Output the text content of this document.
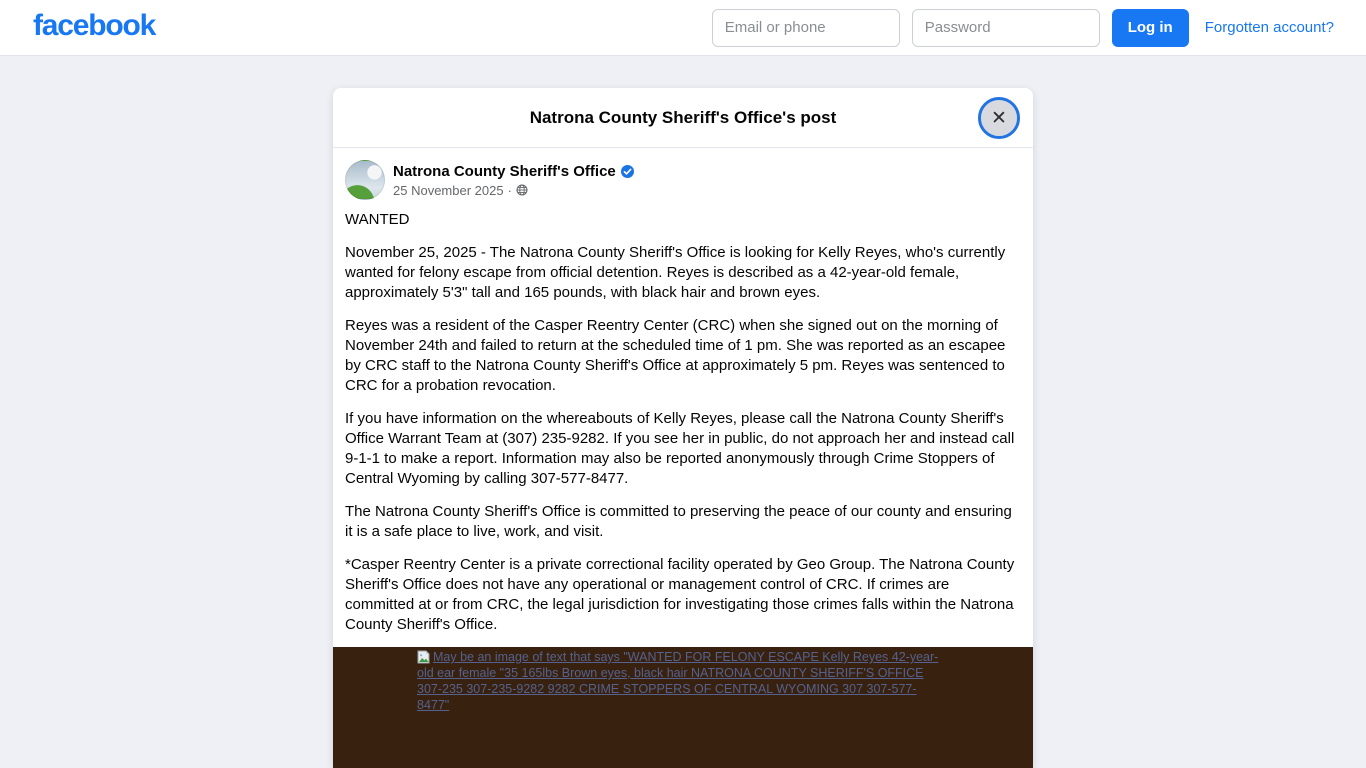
facebook
Email or phone	Log in	Forgotten account?
Natrona County Sheriff's Office's post	✕
Natrona County Sheriff's Office
25 November 2025 ·

WANTED

November 25, 2025 - The Natrona County Sheriff's Office is looking for Kelly Reyes, who's currently wanted for felony escape from official detention. Reyes is described as a 42-year-old female, approximately 5'3" tall and 165 pounds, with black hair and brown eyes.

Reyes was a resident of the Casper Reentry Center (CRC) when she signed out on the morning of November 24th and failed to return at the scheduled time of 1 pm. She was reported as an escapee by CRC staff to the Natrona County Sheriff's Office at approximately 5 pm. Reyes was sentenced to CRC for a probation revocation.

If you have information on the whereabouts of Kelly Reyes, please call the Natrona County Sheriff's Office Warrant Team at (307) 235-9282. If you see her in public, do not approach her and instead call 9-1-1 to make a report. Information may also be reported anonymously through Crime Stoppers of Central Wyoming by calling 307-577-8477.

The Natrona County Sheriff's Office is committed to preserving the peace of our county and ensuring it is a safe place to live, work, and visit.

*Casper Reentry Center is a private correctional facility operated by Geo Group. The Natrona County Sheriff's Office does not have any operational or management control of CRC. If crimes are committed at or from CRC, the legal jurisdiction for investigating those crimes falls within the Natrona County Sheriff's Office.

May be an image of text that says "WANTED FOR FELONY ESCAPE Kelly Reyes 42-year-old ear female "35 165lbs Brown eyes, black hair NATRONA COUNTY SHERIFF'S OFFICE 307-235 307-235-9282 9282 CRIME STOPPERS OF CENTRAL WYOMING 307 307-577-8477"
